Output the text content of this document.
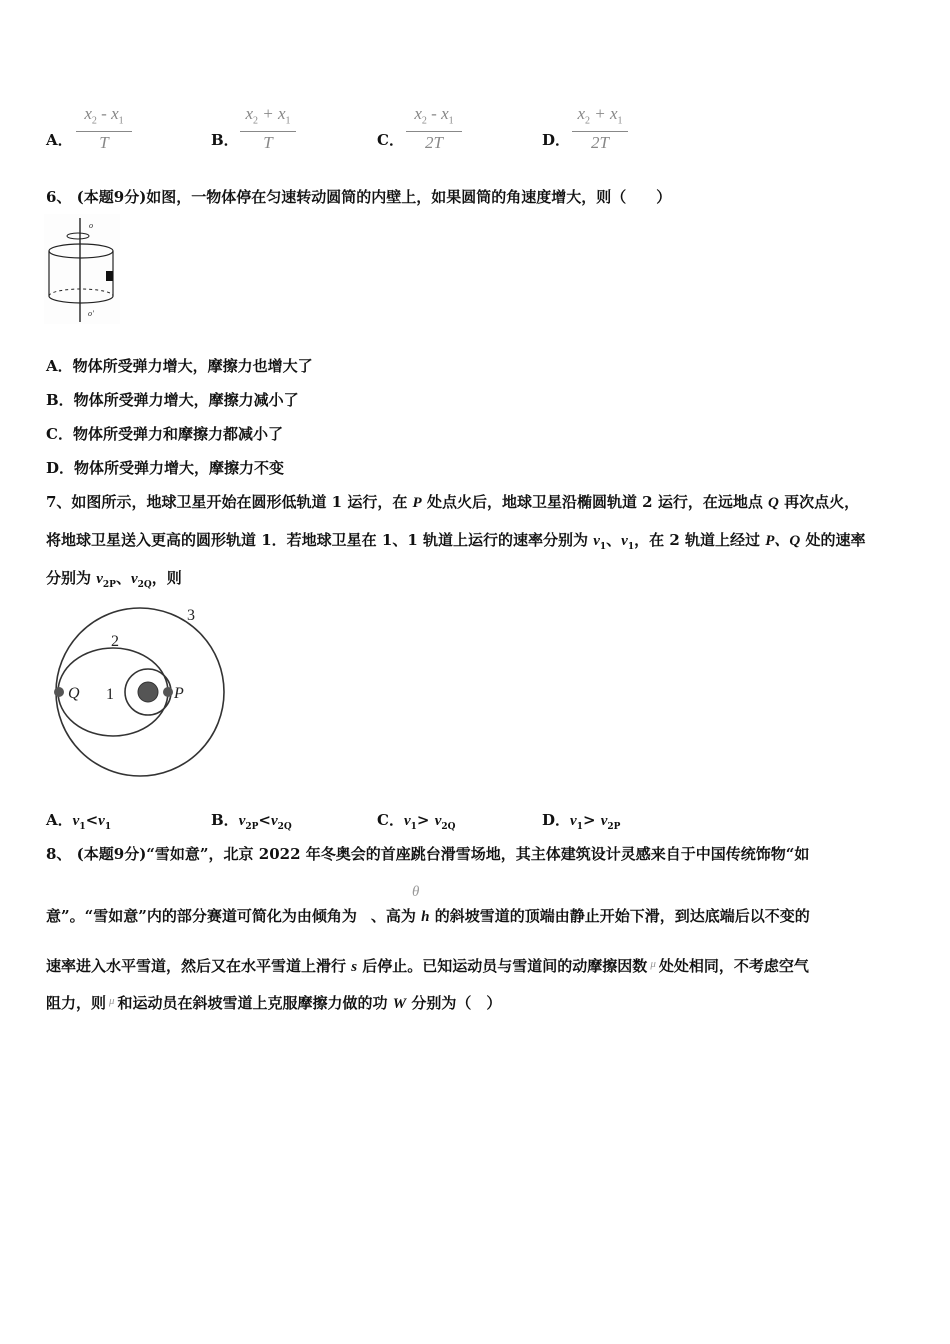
A． $\frac{x_2 - x_1}{T}$	B． $\frac{x_2 + x_1}{T}$	C． $\frac{x_2 - x_1}{2T}$	D． $\frac{x_2 + x_1}{2T}$
6、 (本题9分)如图，一物体停在匀速转动圆筒的内壁上，如果圆筒的角速度增大，则（　　）
o
o'
A．物体所受弹力增大，摩擦力也增大了
B．物体所受弹力增大，摩擦力减小了
C．物体所受弹力和摩擦力都减小了
D．物体所受弹力增大，摩擦力不变
7、如图所示，地球卫星开始在圆形低轨道 1 运行，在 P 处点火后，地球卫星沿椭圆轨道 2 运行，在远地点 Q 再次点火，
将地球卫星送入更高的圆形轨道 1．若地球卫星在 1、1 轨道上运行的速率分别为 $v_1$、$v_1$，在 2 轨道上经过 P、Q 处的速率
分别为 $v_{2P}$、$v_{2Q}$，则
Q	P
1
2
3
A．$v_1<v_1$	B．$v_{2P}<v_{2Q}$	C．$v_1> v_{2Q}$	D．$v_1> v_{2P}$
8、 (本题9分)“雪如意”，北京 2022 年冬奥会的首座跳台滑雪场地，其主体建筑设计灵感来自于中国传统饰物“如
θ
意”。“雪如意”内的部分赛道可简化为由倾角为 、高为 h 的斜坡雪道的顶端由静止开始下滑，到达底端后以不变的
速率进入水平雪道，然后又在水平雪道上滑行 s 后停止。已知运动员与雪道间的动摩擦因数 $^\mu$ 处处相同，不考虑空气
阻力，则 $^\mu$ 和运动员在斜坡雪道上克服摩擦力做的功 W 分别为（　）
